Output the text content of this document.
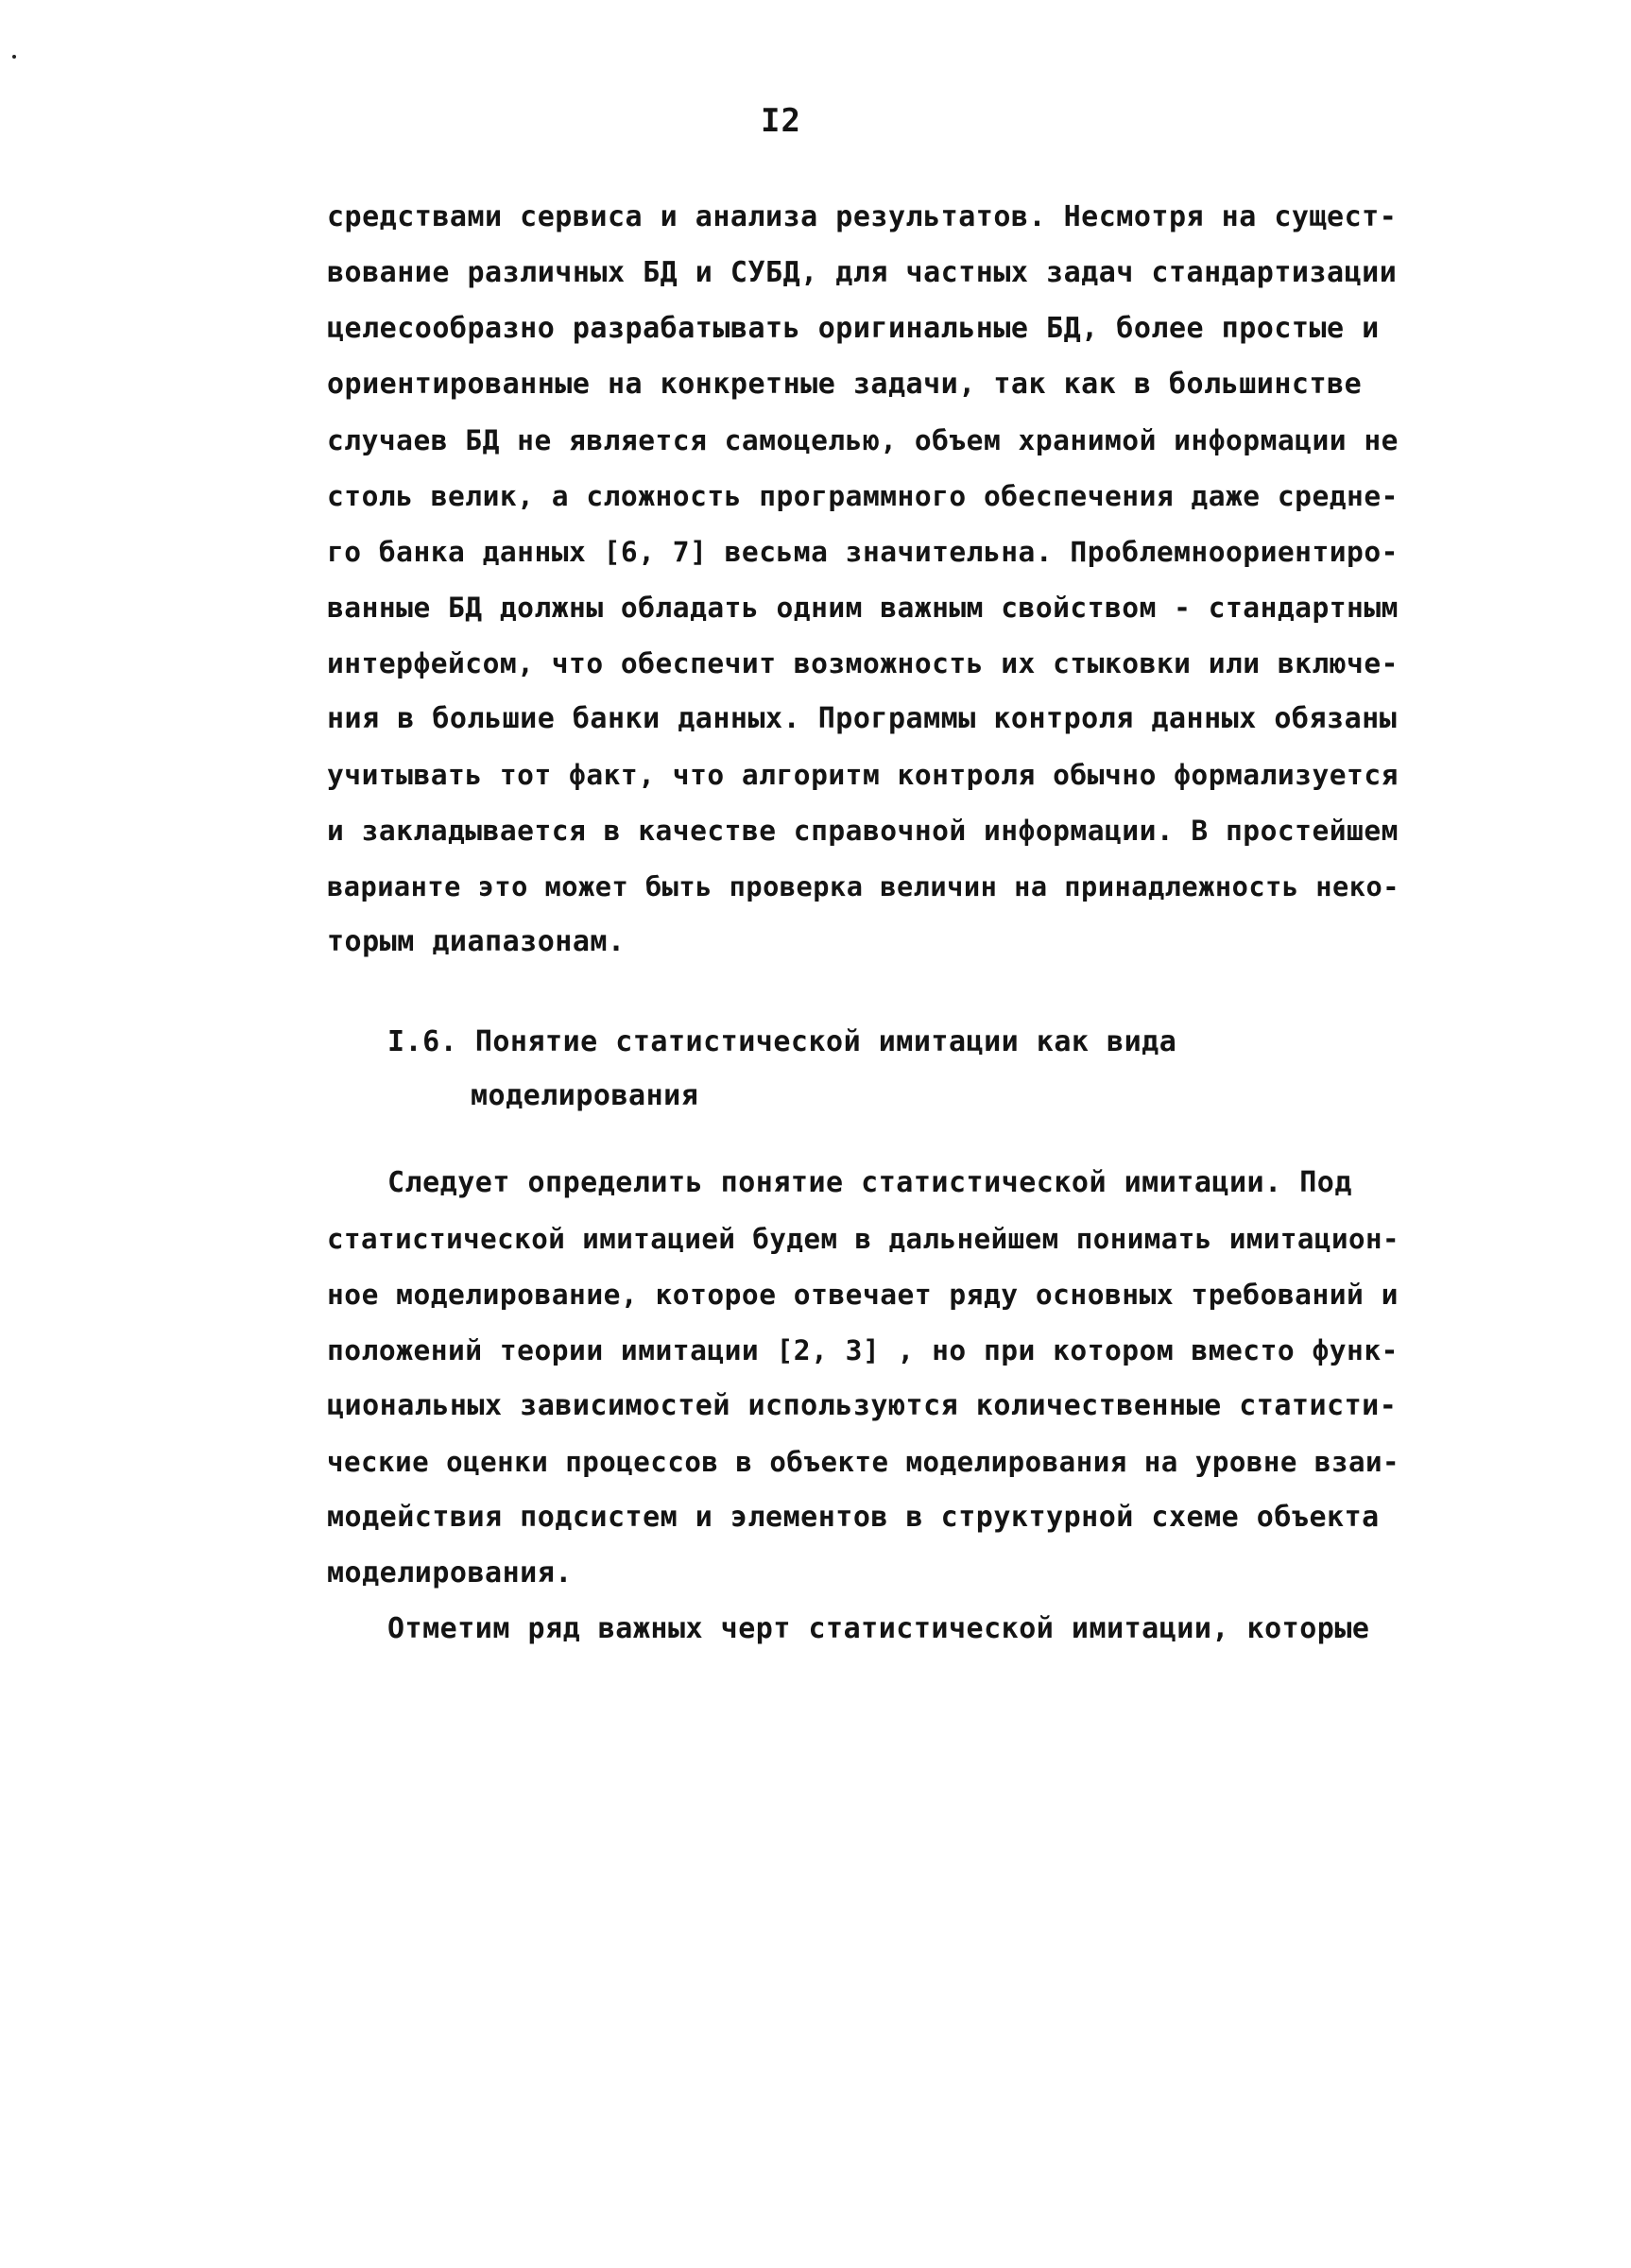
I2
средствами сервиса и анализа результатов. Несмотря на сущест-
вование различных БД и СУБД, для частных задач стандартизации
целесообразно разрабатывать оригинальные БД, более простые и
ориентированные на конкретные задачи, так как в большинстве
случаев БД не является самоцелью, объем хранимой информации не
столь велик, а сложность программного обеспечения даже средне-
го банка данных [6, 7] весьма значительна. Проблемноориентиро-
ванные БД должны обладать одним важным свойством - стандартным
интерфейсом, что обеспечит возможность их стыковки или включе-
ния в большие банки данных. Программы контроля данных обязаны
учитывать тот факт, что алгоритм контроля обычно формализуется
и закладывается в качестве справочной информации. В простейшем
варианте это может быть проверка величин на принадлежность неко-
торым диапазонам.
I.6. Понятие статистической имитации как вида
моделирования
Следует определить понятие статистической имитации. Под
статистической имитацией будем в дальнейшем понимать имитацион-
ное моделирование, которое отвечает ряду основных требований и
положений теории имитации [2, 3] , но при котором вместо функ-
циональных зависимостей используются количественные статисти-
ческие оценки процессов в объекте моделирования на уровне взаи-
модействия подсистем и элементов в структурной схеме объекта
моделирования.
Отметим ряд важных черт статистической имитации, которые
